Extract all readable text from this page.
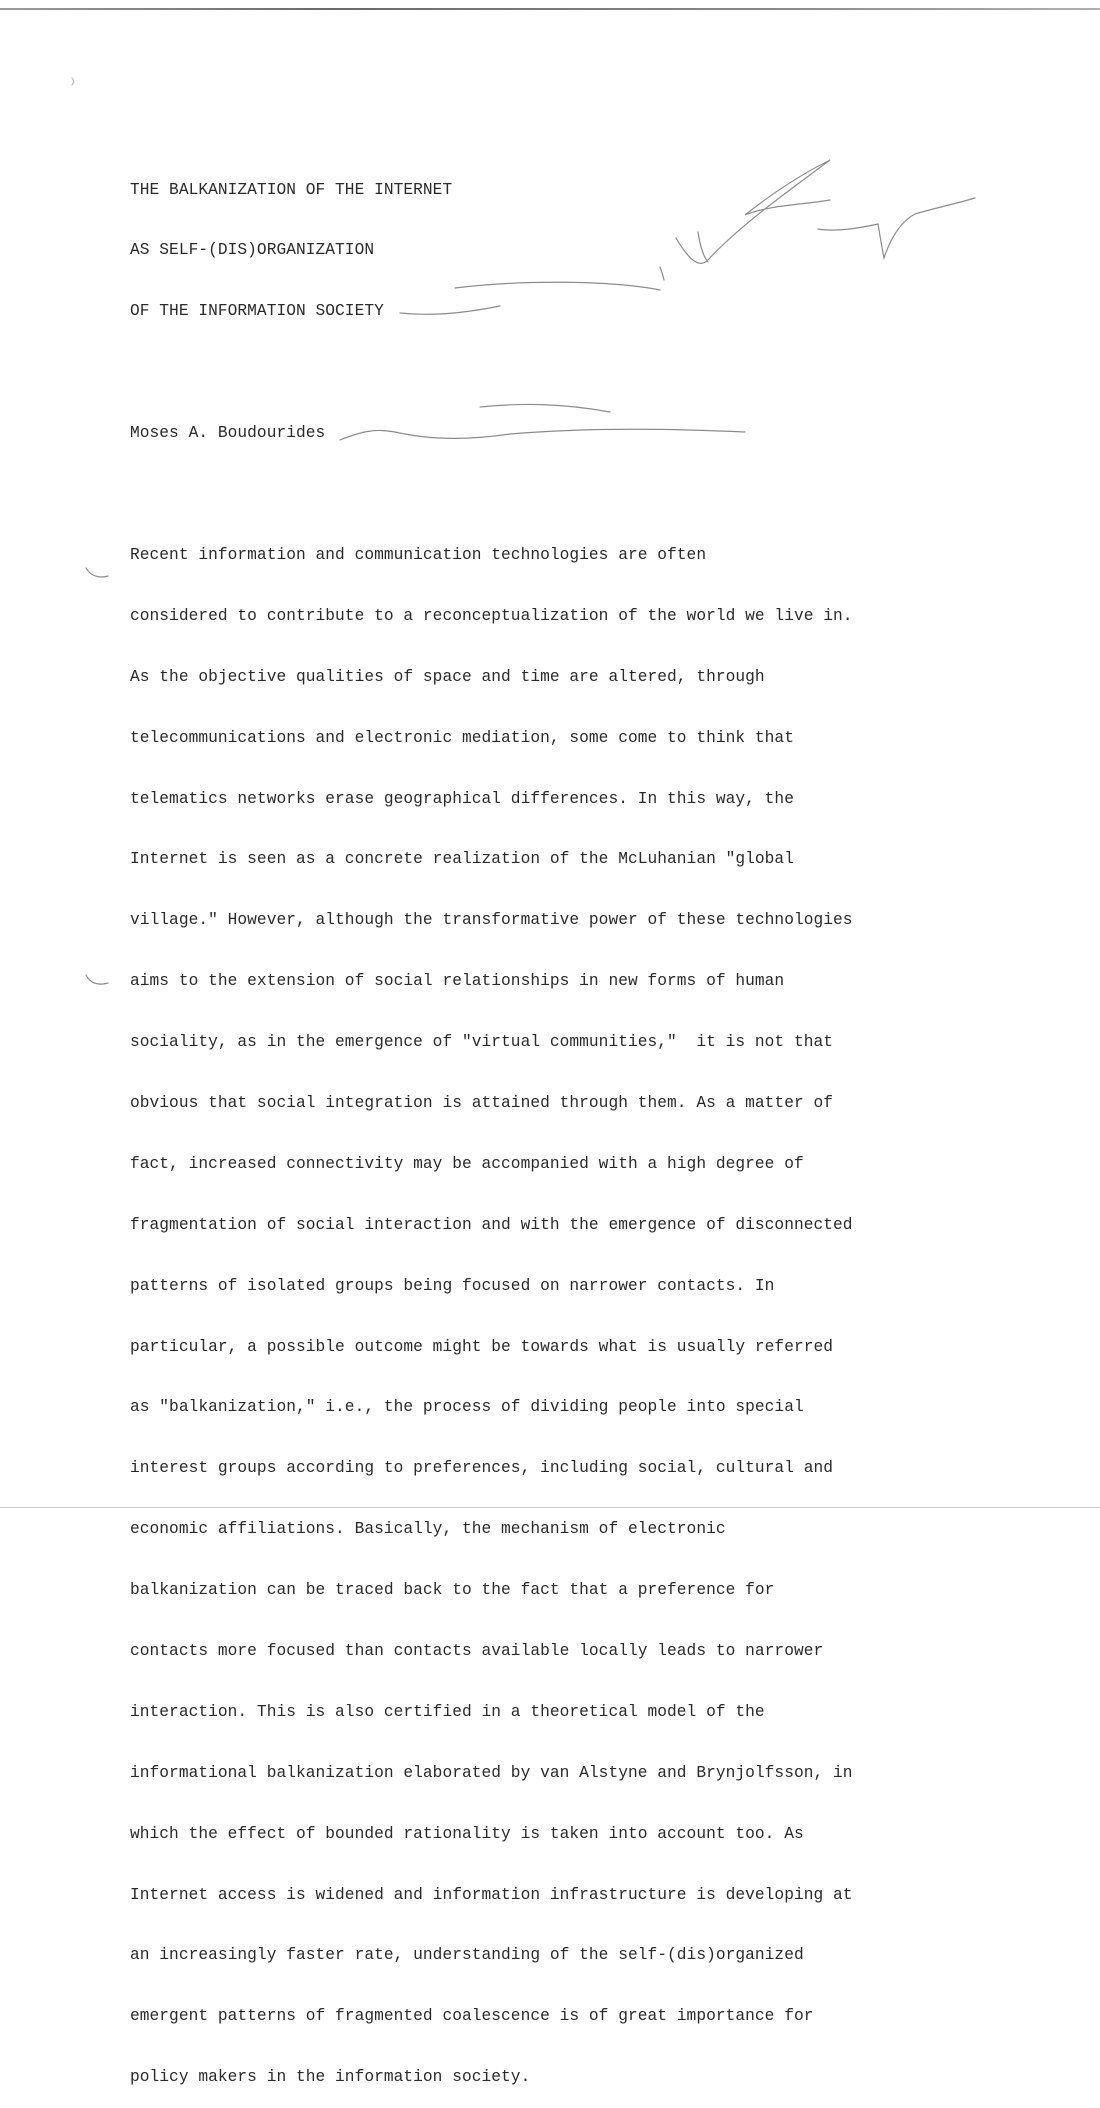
THE BALKANIZATION OF THE INTERNET

AS SELF-(DIS)ORGANIZATION

OF THE INFORMATION SOCIETY

Moses A. Boudourides

Recent information and communication technologies are often

considered to contribute to a reconceptualization of the world we live in.

As the objective qualities of space and time are altered, through

telecommunications and electronic mediation, some come to think that

telematics networks erase geographical differences. In this way, the

Internet is seen as a concrete realization of the McLuhanian "global

village." However, although the transformative power of these technologies

aims to the extension of social relationships in new forms of human

sociality, as in the emergence of "virtual communities,"  it is not that

obvious that social integration is attained through them. As a matter of

fact, increased connectivity may be accompanied with a high degree of

fragmentation of social interaction and with the emergence of disconnected

patterns of isolated groups being focused on narrower contacts. In

particular, a possible outcome might be towards what is usually referred

as "balkanization," i.e., the process of dividing people into special

interest groups according to preferences, including social, cultural and

economic affiliations. Basically, the mechanism of electronic

balkanization can be traced back to the fact that a preference for

contacts more focused than contacts available locally leads to narrower

interaction. This is also certified in a theoretical model of the

informational balkanization elaborated by van Alstyne and Brynjolfsson, in

which the effect of bounded rationality is taken into account too. As

Internet access is widened and information infrastructure is developing at

an increasingly faster rate, understanding of the self-(dis)organized

emergent patterns of fragmented coalescence is of great importance for

policy makers in the information society.
